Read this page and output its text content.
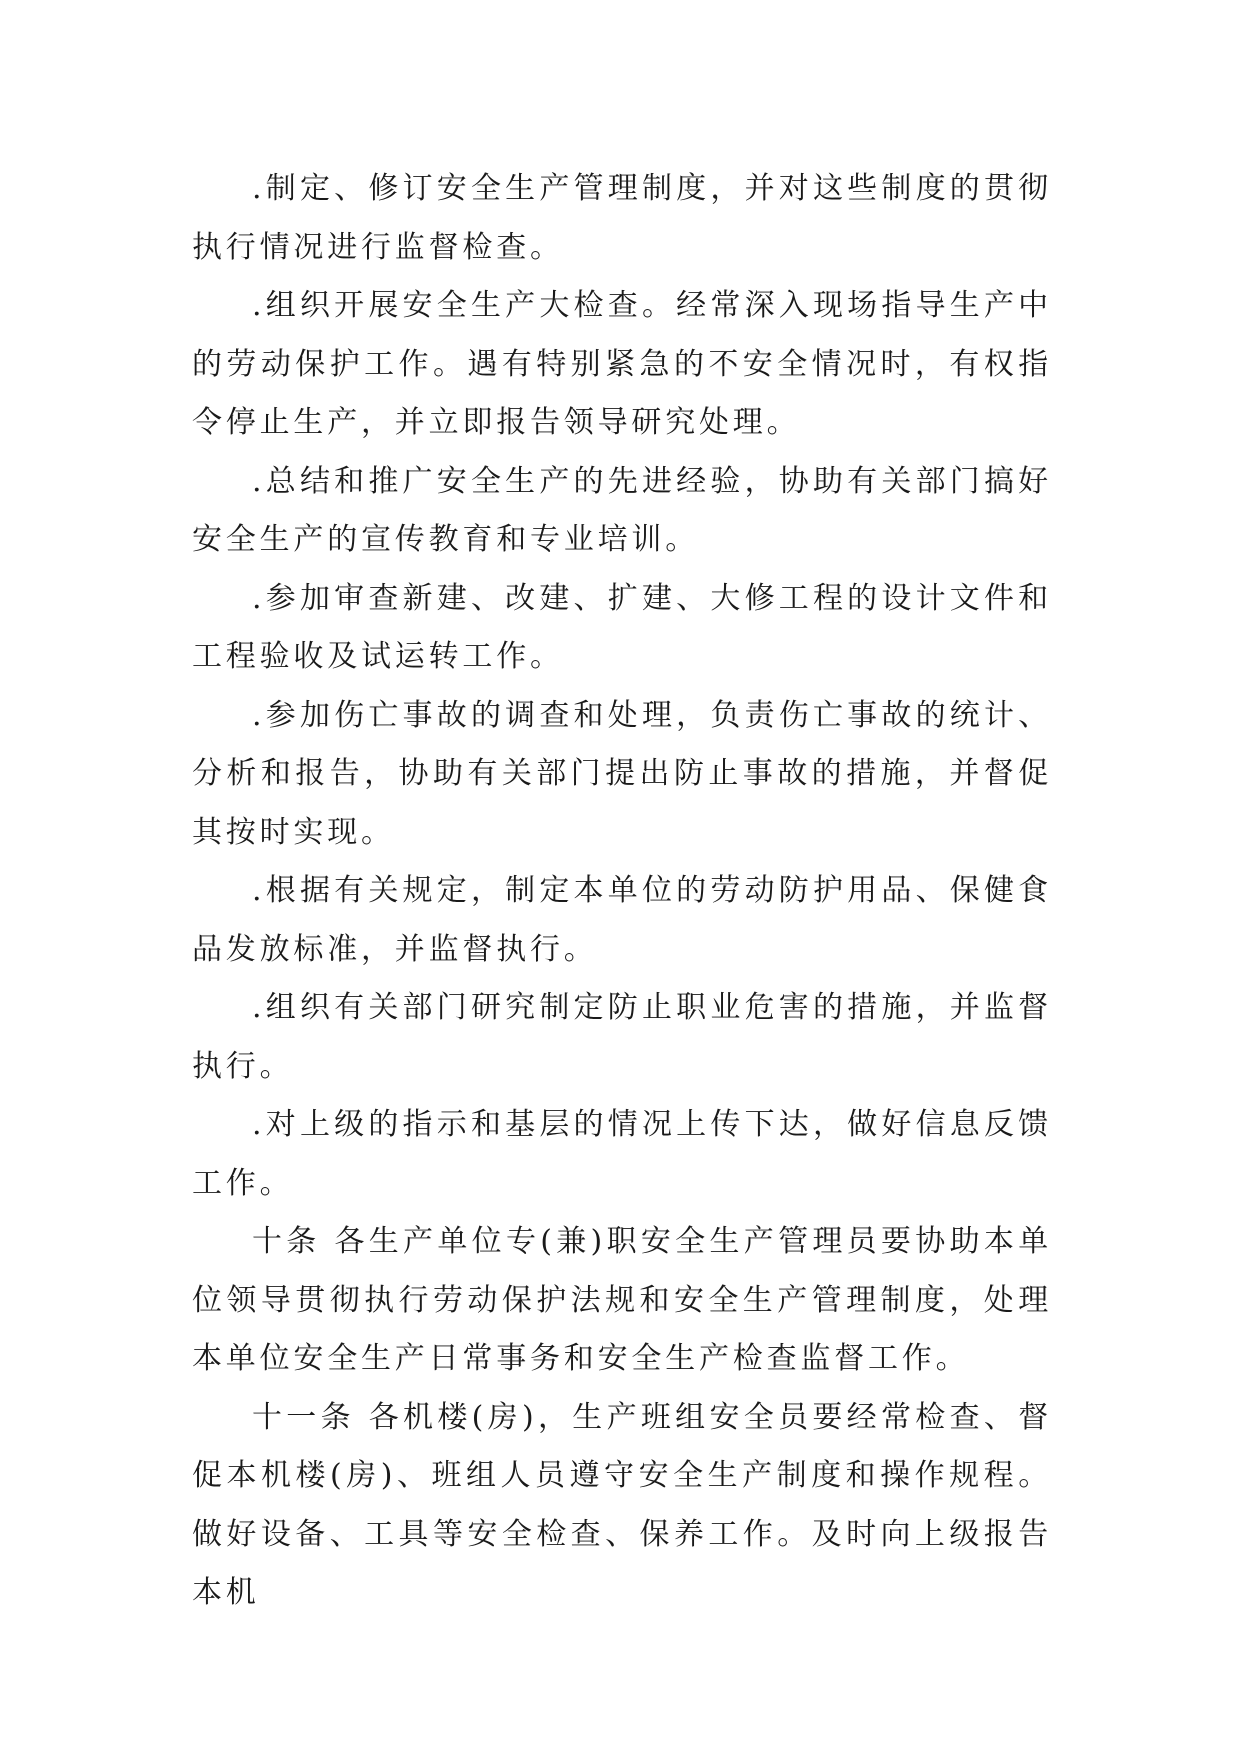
.制定、修订安全生产管理制度，并对这些制度的贯彻执行情况进行监督检查。

.组织开展安全生产大检查。经常深入现场指导生产中的劳动保护工作。遇有特别紧急的不安全情况时，有权指令停止生产，并立即报告领导研究处理。

.总结和推广安全生产的先进经验，协助有关部门搞好安全生产的宣传教育和专业培训。

.参加审查新建、改建、扩建、大修工程的设计文件和工程验收及试运转工作。

.参加伤亡事故的调查和处理，负责伤亡事故的统计、分析和报告，协助有关部门提出防止事故的措施，并督促其按时实现。

.根据有关规定，制定本单位的劳动防护用品、保健食品发放标准，并监督执行。

.组织有关部门研究制定防止职业危害的措施，并监督执行。

.对上级的指示和基层的情况上传下达，做好信息反馈工作。

十条 各生产单位专(兼)职安全生产管理员要协助本单位领导贯彻执行劳动保护法规和安全生产管理制度，处理本单位安全生产日常事务和安全生产检查监督工作。

十一条 各机楼(房)，生产班组安全员要经常检查、督促本机楼(房)、班组人员遵守安全生产制度和操作规程。做好设备、工具等安全检查、保养工作。及时向上级报告本机
